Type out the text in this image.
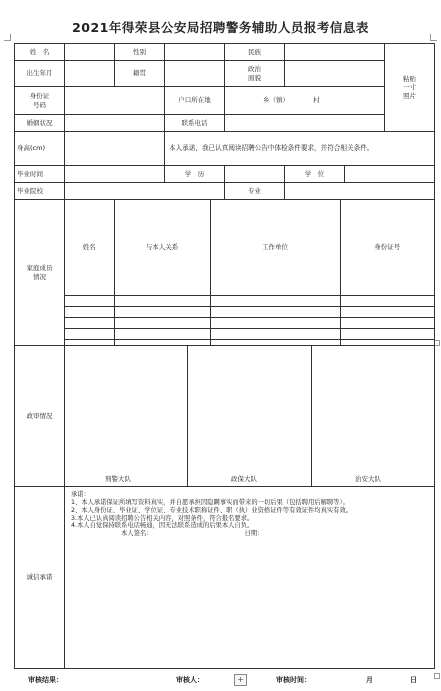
2021年得荣县公安局招聘警务辅助人员报考信息表
姓　名		性别		民族		
粘贴
一寸
照片

出生年月		籍贯		
政治
面貌

身份证
号码
		户口所在地	乡（镇）	村
婚姻状况		联系电话	
身高(cm)		本人承诺，我已认真阅读招聘公告中体检条件要求，并符合相关条件。
毕业时间		学　历		学　位	
毕业院校		专业	

家庭成员
情况

姓名	与本人关系	工作单位	身份证号

政审情况	
刑警大队	政保大队	治安大队

诚信承诺	

承诺：

1、本人承诺保证所填写资料真实，并自愿承担因隐瞒事实而带来的一切后果（包括聘用后解聘等）。

2、本人身份证、毕业证、学位证、专业技术职称证件、职（执）业资格证件等有效证件均真实有效。

3.本人已认真阅读招聘公告相关内容，对照条件，符合报名要求。

4.本人自觉保持联系电话畅通，因无法联系造成的后果本人自负。

本人签名：	日期：

审核结果：	审核人：	+	审核时间：	月	日
